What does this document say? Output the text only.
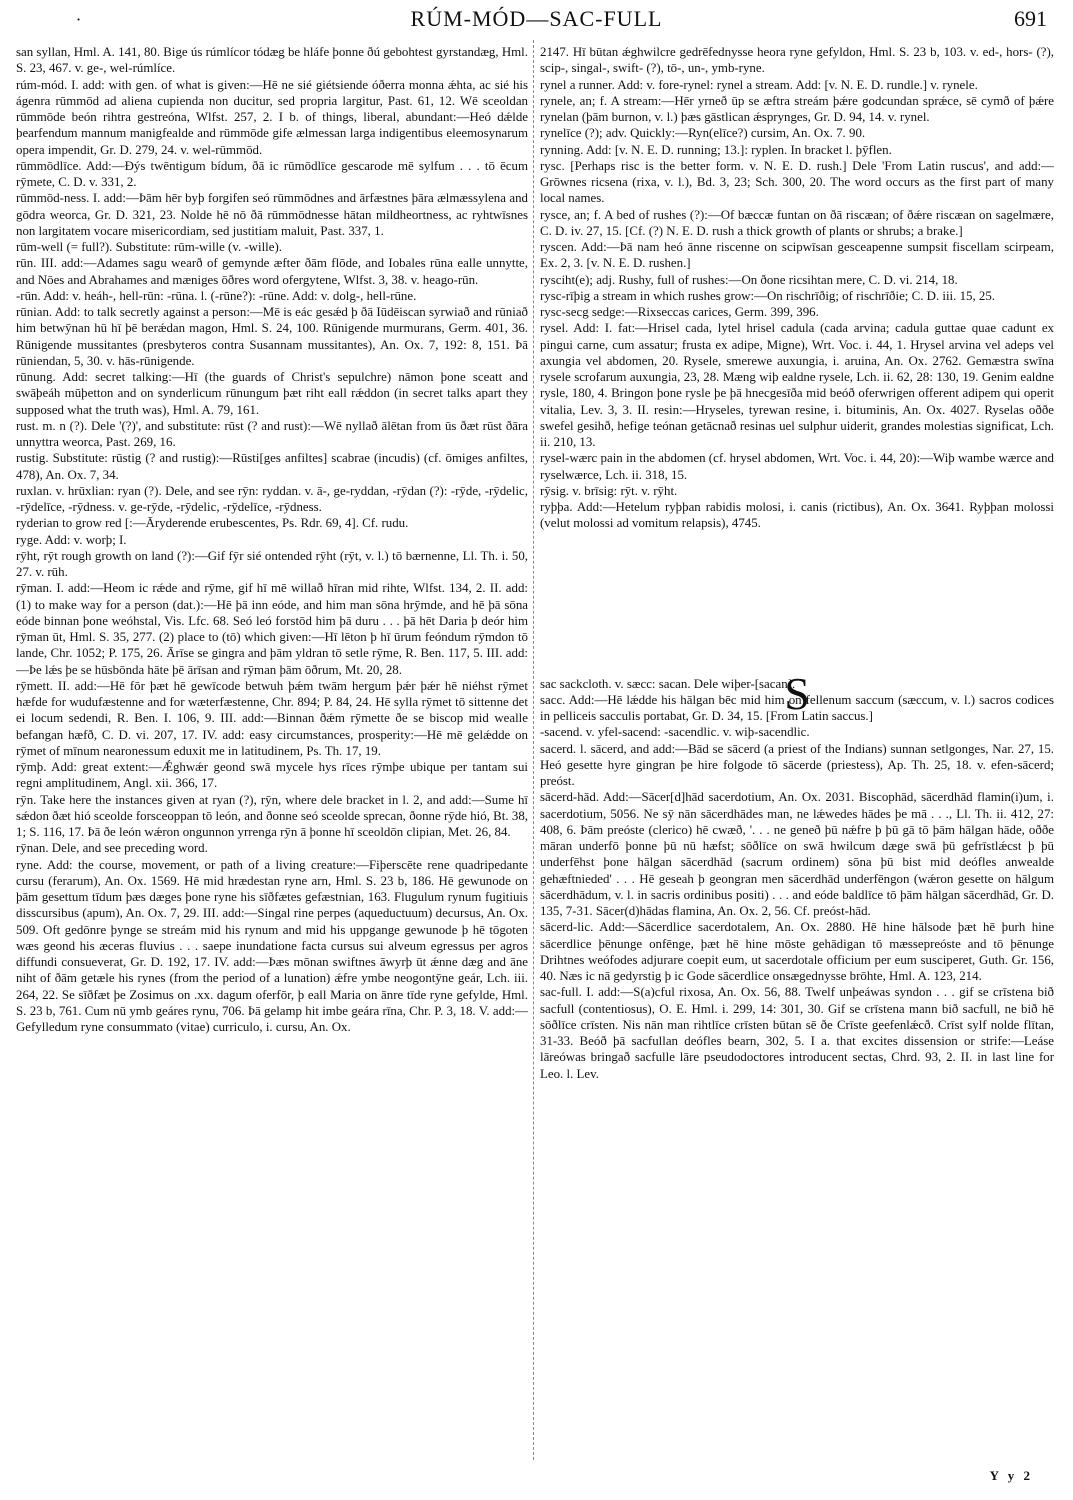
·	RÚM-MÓD—SAC-FULL	691
san syllan, Hml. A. 141, 80. Bige ús rúmlícor tódæg be hláfe þonne ðú gebohtest gyrstandæg, Hml. S. 23, 467. v. ge-, wel-rúmlíce.
rúm-mód. I. add: with gen. of what is given:—Hē ne sié giétsiende óðerra monna ǽhta, ac sié his ágenra rūmmōd ad aliena cupienda non ducitur, sed propria largitur, Past. 61, 12. Wē sceoldan rūmmōde beón rihtra gestreóna, Wlfst. 257, 2. I b. of things, liberal, abundant:—Heó dǽlde þearfendum mannum manigfealde and rūmmōde gife ælmessan larga indigentibus eleemosynarum opera impendit, Gr. D. 279, 24. v. wel-rūmmōd.
rūmmōdlīce. Add:—Ðýs twēntigum bídum, ðā ic rūmōdlīce gescarode mē sylfum . . . tō ēcum rȳmete, C. D. v. 331, 2.
rūmmōd-ness. I. add:—Þām hēr byþ forgifen seó rūmmōdnes and ārfæstnes þāra ælmæssylena and gōdra weorca, Gr. D. 321, 23. Nolde hē nō ðā rūmmōdnesse hātan mildheortness, ac ryhtwīsnes non largitatem vocare misericordiam, sed justitiam maluit, Past. 337, 1.
rūm-well (= full?). Substitute: rūm-wille (v. -wille).
rūn. III. add:—Adames sagu wearð of gemynde æfter ðām flōde, and Iobales rūna ealle unnytte, and Nōes and Abrahames and mæniges ōðres word ofergytene, Wlfst. 3, 38. v. heago-rūn.
-rūn. Add: v. heáh-, hell-rūn: -rūna. l. (-rūne?): -rūne. Add: v. dolg-, hell-rūne.
rūnian. Add: to talk secretly against a person:—Mē is eác gesǽd þ ðā Iūdēiscan syrwiað and rūniað him betwȳnan hū hī þē berǽdan magon, Hml. S. 24, 100. Rūnigende murmurans, Germ. 401, 36. Rūnigende mussitantes (presbyteros contra Susannam mussitantes), An. Ox. 7, 192: 8, 151. Þā rūniendan, 5, 30. v. hās-rūnigende.
rūnung. Add: secret talking:—Hī (the guards of Christ's sepulchre) nāmon þone sceatt and swāþeáh mūþetton and on synderlicum rūnungum þæt riht eall rǽddon (in secret talks apart they supposed what the truth was), Hml. A. 79, 161.
rust. m. n (?). Dele '(?)', and substitute: rūst (? and rust):—Wē nyllað ālētan from ūs ðæt rūst ðāra unnyttra weorca, Past. 269, 16.
rustig. Substitute: rūstig (? and rustig):—Rūsti[ges anfiltes] scabrae (incudis) (cf. ōmiges anfiltes, 478), An. Ox. 7, 34.
ruxlan. v. hrūxlian: ryan (?). Dele, and see rȳn: ryddan. v. ā-, ge-ryddan, -rȳdan (?): -rȳde, -rȳdelic, -rȳdelīce, -rȳdness. v. ge-rȳde, -rȳdelic, -rȳdelīce, -rȳdness.
ryderian to grow red [:—Āryderende erubescentes, Ps. Rdr. 69, 4]. Cf. rudu.
ryge. Add: v. worþ; I.
rȳht, rȳt rough growth on land (?):—Gif fȳr sié ontended rȳht (rȳt, v. l.) tō bærnenne, Ll. Th. i. 50, 27. v. rūh.
rȳman. I. add:—Heom ic rǽde and rȳme, gif hī mē willað hīran mid rihte, Wlfst. 134, 2. II. add: (1) to make way for a person (dat.):—Hē þā inn eóde, and him man sōna hrȳmde, and hē þā sōna eóde binnan þone weóhstal, Vis. Lfc. 68. Seó leó forstōd him þā duru . . . þā hēt Daria þ deór him rȳman ūt, Hml. S. 35, 277. (2) place to (tō) which given:—Hī lēton þ hī ūrum feóndum rȳmdon tō lande, Chr. 1052; P. 175, 26. Ārīse se gingra and þām yldran tō setle rȳme, R. Ben. 117, 5. III. add:—Þe lǽs þe se hūsbōnda hāte þē ārīsan and rȳman þām ōðrum, Mt. 20, 28.
rȳmett. II. add:—Hē fōr þæt hē gewīcode betwuh þǽm twām hergum þǽr þǽr hē niéhst rȳmet hæfde for wudufæstenne and for wæterfæstenne, Chr. 894; P. 84, 24. Hē sylla rȳmet tō sittenne det ei locum sedendi, R. Ben. I. 106, 9. III. add:—Binnan ðǽm rȳmette ðe se biscop mid wealle befangan hæfð, C. D. vi. 207, 17. IV. add: easy circumstances, prosperity:—Hē mē gelǽdde on rȳmet of mīnum nearonessum eduxit me in latitudinem, Ps. Th. 17, 19.
rȳmþ. Add: great extent:—Ǽghwǽr geond swā mycele hys rīces rȳmþe ubique per tantam sui regni amplitudinem, Angl. xii. 366, 17.
rȳn. Take here the instances given at ryan (?), rȳn, where dele bracket in l. 2, and add:—Sume hī sǽdon ðæt hió sceolde forsceoppan tō león, and ðonne seó sceolde sprecan, ðonne rȳde hió, Bt. 38, 1; S. 116, 17. Þā ðe león wǽron ongunnon yrrenga rȳn ā þonne hī sceoldōn clipian, Met. 26, 84.
rȳnan. Dele, and see preceding word.
ryne. Add: the course, movement, or path of a living creature:—Fiþerscēte rene quadripedante cursu (ferarum), An. Ox. 1569. Hē mid hrædestan ryne arn, Hml. S. 23 b, 186. Hē gewunode on þām gesettum tīdum þæs dæges þone ryne his sīðfætes gefæstnian, 163. Flugulum rynum fugitiuis disscursibus (apum), An. Ox. 7, 29. III. add:—Singal rine perpes (aqueductuum) decursus, An. Ox. 509. Oft gedōnre þynge se streám mid his rynum and mid his uppgange gewunode þ hē tōgoten wæs geond his æceras fluvius . . . saepe inundatione facta cursus sui alveum egressus per agros diffundi consueverat, Gr. D. 192, 17. IV. add:—Þæs mōnan swiftnes āwyrþ ūt ǽnne dæg and āne niht of ðām getæle his rynes (from the period of a lunation) ǽfre ymbe neogontȳne geár, Lch. iii. 264, 22. Se sīðfæt þe Zosimus on .xx. dagum oferfōr, þ eall Maria on ānre tīde ryne gefylde, Hml. S. 23 b, 761. Cum nū ymb geáres rynu, 706. Þā gelamp hit imbe geára rīna, Chr. P. 3, 18. V. add:—Gefylledum ryne consummato (vitae) curriculo, i. cursu, An. Ox.
2147. Hī būtan ǽghwilcre gedrēfednysse heora ryne gefyldon, Hml. S. 23 b, 103. v. ed-, hors- (?), scip-, singal-, swift- (?), tō-, un-, ymb-ryne.
rynel a runner. Add: v. fore-rynel: rynel a stream. Add: [v. N. E. D. rundle.] v. rynele.
rynele, an; f. A stream:—Hēr yrneð ūp se æftra streám þǽre godcundan sprǽce, sē cymð of þǽre rynelan (þām burnon, v. l.) þæs gāstlican ǽsprynges, Gr. D. 94, 14. v. rynel.
rynelīce (?); adv. Quickly:—Ryn(elīce?) cursim, An. Ox. 7. 90.
rynning. Add: [v. N. E. D. running; 13.]: ryplen. In bracket l. þȳflen.
rysc. [Perhaps risc is the better form. v. N. E. D. rush.] Dele 'From Latin ruscus', and add:—Grōwnes ricsena (rixa, v. l.), Bd. 3, 23; Sch. 300, 20. The word occurs as the first part of many local names.
rysce, an; f. A bed of rushes (?):—Of bæccæ funtan on ðā riscæan; of ðǽre riscæan on sagelmære, C. D. iv. 27, 15. [Cf. (?) N. E. D. rush a thick growth of plants or shrubs; a brake.]
ryscen. Add:—Þā nam heó ānne riscenne on scipwīsan gesceapenne sumpsit fiscellam scirpeam, Ex. 2, 3. [v. N. E. D. rushen.]
rysciht(e); adj. Rushy, full of rushes:—On ðone ricsihtan mere, C. D. vi. 214, 18.
rysc-rīþig a stream in which rushes grow:—On rischrīðig; of rischrīðie; C. D. iii. 15, 25.
rysc-secg sedge:—Rixseccas carices, Germ. 399, 396.
rysel. Add: I. fat:—Hrisel cada, lytel hrisel cadula (cada arvina; cadula guttae quae cadunt ex pingui carne, cum assatur; frusta ex adipe, Migne), Wrt. Voc. i. 44, 1. Hrysel arvina vel adeps vel axungia vel abdomen, 20. Rysele, smerewe auxungia, i. aruina, An. Ox. 2762. Gemæstra swīna rysele scrofarum auxungia, 23, 28. Mæng wiþ ealdne rysele, Lch. ii. 62, 28: 130, 19. Genim ealdne rysle, 180, 4. Bringon þone rysle þe þā hnecgesīða mid beóð oferwrigen offerent adipem qui operit vitalia, Lev. 3, 3. II. resin:—Hryseles, tyrewan resine, i. bituminis, An. Ox. 4027. Ryselas oððe swefel gesihð, hefige teónan getācnað resinas uel sulphur uiderit, grandes molestias significat, Lch. ii. 210, 13.
rysel-wærc pain in the abdomen (cf. hrysel abdomen, Wrt. Voc. i. 44, 20):—Wiþ wambe wærce and ryselwærce, Lch. ii. 318, 15.
rȳsig. v. brīsig: rȳt. v. rȳht.
ryþþa. Add:—Hetelum ryþþan rabidis molosi, i. canis (rictibus), An. Ox. 3641. Ryþþan molossi (velut molossi ad vomitum relapsis), 4745.
S
sac sackcloth. v. sæcc: sacan. Dele wiþer-[sacan].
sacc. Add:—Hē lǽdde his hālgan bēc mid him on fellenum saccum (sæccum, v. l.) sacros codices in pelliceis sacculis portabat, Gr. D. 34, 15. [From Latin saccus.]
-sacend. v. yfel-sacend: -sacendlic. v. wiþ-sacendlic.
sacerd. l. sācerd, and add:—Bād se sācerd (a priest of the Indians) sunnan setlgonges, Nar. 27, 15. Heó gesette hyre gingran þe hire folgode tō sācerde (priestess), Ap. Th. 25, 18. v. efen-sācerd; preóst.
sācerd-hād. Add:—Sācer[d]hād sacerdotium, An. Ox. 2031. Biscophād, sācerdhād flamin(i)um, i. sacerdotium, 5056. Ne sȳ nān sācerdhādes man, ne lǽwedes hādes þe mā . . ., Ll. Th. ii. 412, 27: 408, 6. Þām preóste (clerico) hē cwæð, '. . . ne geneð þū nǽfre þ þū gā tō þām hālgan hāde, oððe māran underfō þonne þū nū hæfst; sōðlīce on swā hwilcum dæge swā þū gefrīstlǽcst þ þū underfēhst þone hālgan sācerdhād (sacrum ordinem) sōna þū bist mid deófles anwealde gehæftnieded' . . . Hē geseah þ geongran men sācerdhād underfēngon (wǽron gesette on hālgum sācerdhādum, v. l. in sacris ordinibus positi) . . . and eóde baldlīce tō þām hālgan sācerdhād, Gr. D. 135, 7-31. Sācer(d)hādas flamina, An. Ox. 2, 56. Cf. preóst-hād.
sācerd-lic. Add:—Sācerdlice sacerdotalem, An. Ox. 2880. Hē hine hālsode þæt hē þurh hine sācerdlice þēnunge onfēnge, þæt hē hine mōste gehādigan tō mæssepreóste and tō þēnunge Drihtnes weófodes adjurare coepit eum, ut sacerdotale officium per eum susciperet, Guth. Gr. 156, 40. Næs ic nā gedyrstig þ ic Gode sācerdlice onsægednysse brōhte, Hml. A. 123, 214.
sac-full. I. add:—S(a)cful rixosa, An. Ox. 56, 88. Twelf unþeáwas syndon . . . gif se crīstena bið sacfull (contentiosus), O. E. Hml. i. 299, 14: 301, 30. Gif se crīstena mann bið sacfull, ne bið hē sōðlīce crīsten. Nis nān man rihtlīce crīsten būtan sē ðe Crīste geefenlǽcð. Crīst sylf nolde flītan, 31-33. Beóð þā sacfullan deófles bearn, 302, 5. I a. that excites dissension or strife:—Leáse lāreówas bringað sacfulle lāre pseudodoctores introducent sectas, Chrd. 93, 2. II. in last line for Leo. l. Lev.
Y y 2
